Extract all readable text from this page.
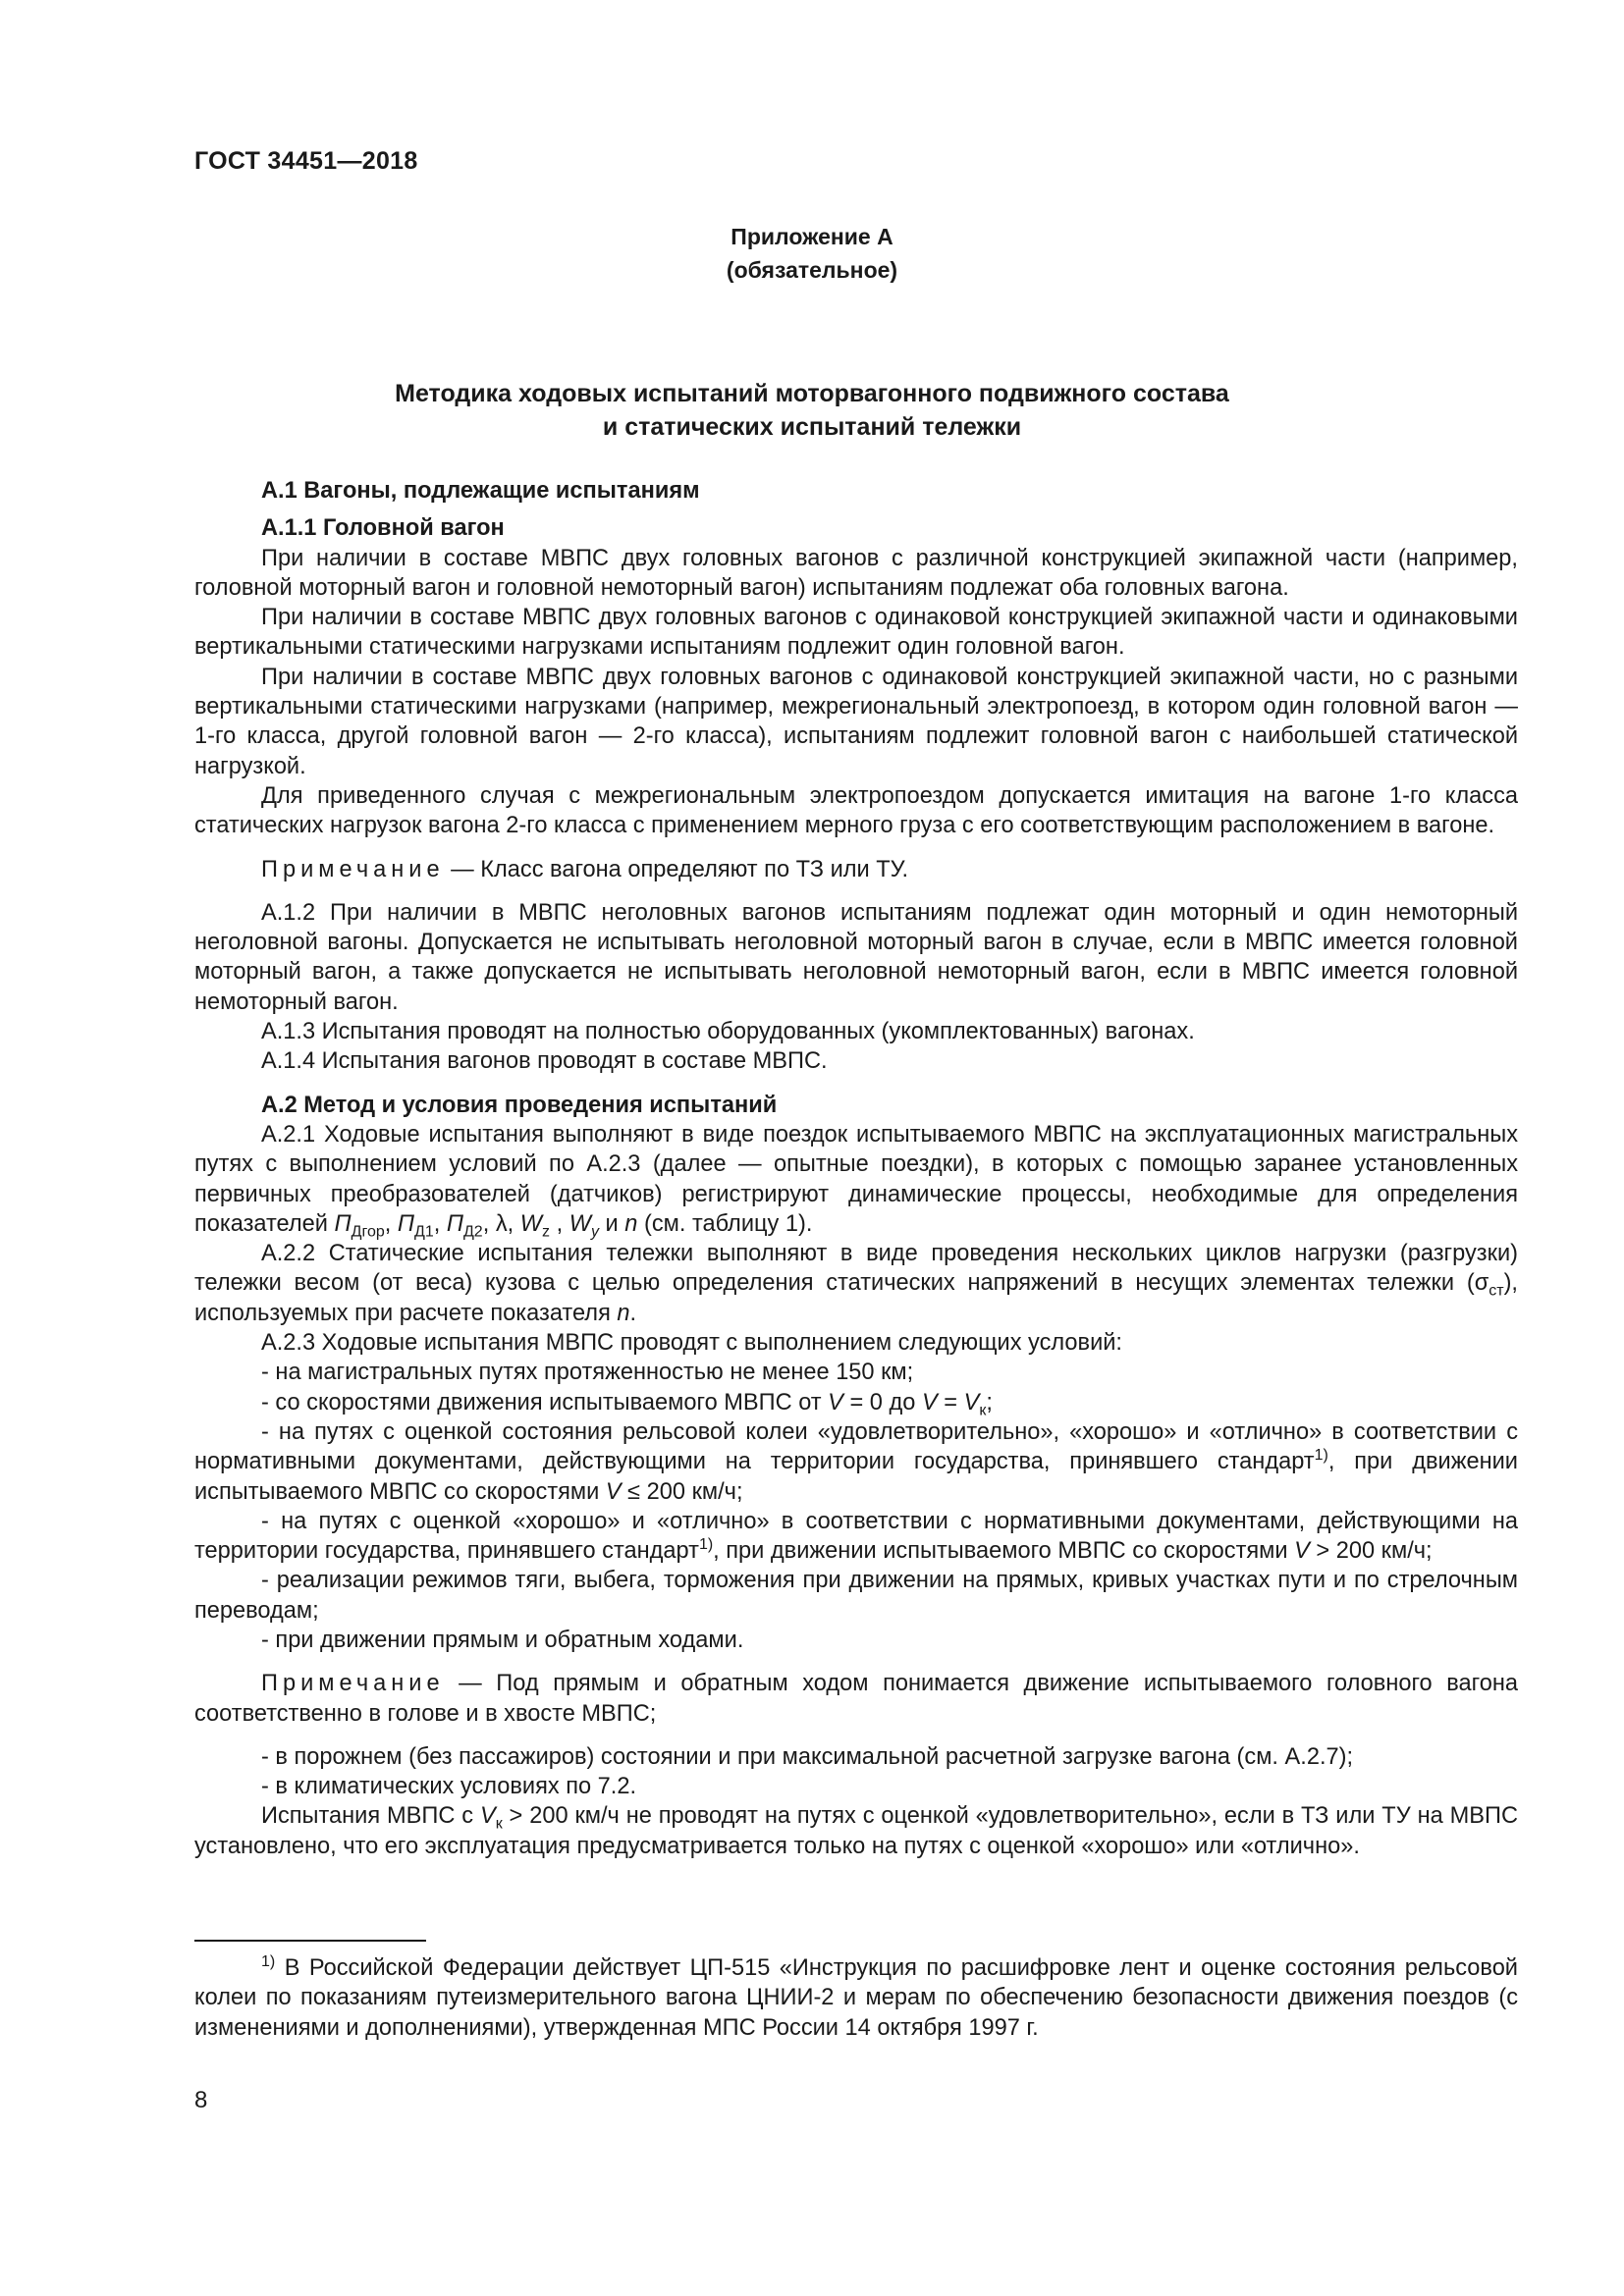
ГОСТ 34451—2018
Приложение А
(обязательное)
Методика ходовых испытаний моторвагонного подвижного состава
и статических испытаний тележки

А.1 Вагоны, подлежащие испытаниям

А.1.1 Головной вагон

При наличии в составе МВПС двух головных вагонов с различной конструкцией экипажной части (например, головной моторный вагон и головной немоторный вагон) испытаниям подлежат оба головных вагона.

При наличии в составе МВПС двух головных вагонов с одинаковой конструкцией экипажной части и одинаковыми вертикальными статическими нагрузками испытаниям подлежит один головной вагон.

При наличии в составе МВПС двух головных вагонов с одинаковой конструкцией экипажной части, но с разными вертикальными статическими нагрузками (например, межрегиональный электропоезд, в котором один головной вагон — 1-го класса, другой головной вагон — 2-го класса), испытаниям подлежит головной вагон с наибольшей статической нагрузкой.

Для приведенного случая с межрегиональным электропоездом допускается имитация на вагоне 1-го класса статических нагрузок вагона 2-го класса с применением мерного груза с его соответствующим расположением в вагоне.

Примечание — Класс вагона определяют по ТЗ или ТУ.

А.1.2 При наличии в МВПС неголовных вагонов испытаниям подлежат один моторный и один немоторный неголовной вагоны. Допускается не испытывать неголовной моторный вагон в случае, если в МВПС имеется головной моторный вагон, а также допускается не испытывать неголовной немоторный вагон, если в МВПС имеется головной немоторный вагон.

А.1.3 Испытания проводят на полностью оборудованных (укомплектованных) вагонах.

А.1.4 Испытания вагонов проводят в составе МВПС.

А.2 Метод и условия проведения испытаний

А.2.1 Ходовые испытания выполняют в виде поездок испытываемого МВПС на эксплуатационных магистральных путях с выполнением условий по А.2.3 (далее — опытные поездки), в которых с помощью заранее установленных первичных преобразователей (датчиков) регистрируют динамические процессы, необходимые для определения показателей $П_{Дгор}$, $П_{Д1}$, $П_{Д2}$, λ, $W_z$ , $W_y$ и n (см. таблицу 1).

А.2.2 Статические испытания тележки выполняют в виде проведения нескольких циклов нагрузки (разгрузки) тележки весом (от веса) кузова с целью определения статических напряжений в несущих элементах тележки $(\sigma_{ст})$, используемых при расчете показателя n.

А.2.3 Ходовые испытания МВПС проводят с выполнением следующих условий:

- на магистральных путях протяженностью не менее 150 км;

- со скоростями движения испытываемого МВПС от V = 0 до $V = V_к$;

- на путях с оценкой состояния рельсовой колеи «удовлетворительно», «хорошо» и «отлично» в соответствии с нормативными документами, действующими на территории государства, принявшего стандарт$^{1)}$, при движении испытываемого МВПС со скоростями V ≤ 200 км/ч;

- на путях с оценкой «хорошо» и «отлично» в соответствии с нормативными документами, действующими на территории государства, принявшего стандарт$^{1)}$, при движении испытываемого МВПС со скоростями V > 200 км/ч;

- реализации режимов тяги, выбега, торможения при движении на прямых, кривых участках пути и по стрелочным переводам;

- при движении прямым и обратным ходами.

Примечание — Под прямым и обратным ходом понимается движение испытываемого головного вагона соответственно в голове и в хвосте МВПС;

- в порожнем (без пассажиров) состоянии и при максимальной расчетной загрузке вагона (см. А.2.7);

- в климатических условиях по 7.2.

Испытания МВПС с $V_к > 200$ км/ч не проводят на путях с оценкой «удовлетворительно», если в ТЗ или ТУ на МВПС установлено, что его эксплуатация предусматривается только на путях с оценкой «хорошо» или «отлично».

$^{1)}$ В Российской Федерации действует ЦП-515 «Инструкция по расшифровке лент и оценке состояния рельсовой колеи по показаниям путеизмерительного вагона ЦНИИ-2 и мерам по обеспечению безопасности движения поездов (с изменениями и дополнениями), утвержденная МПС России 14 октября 1997 г.
8
